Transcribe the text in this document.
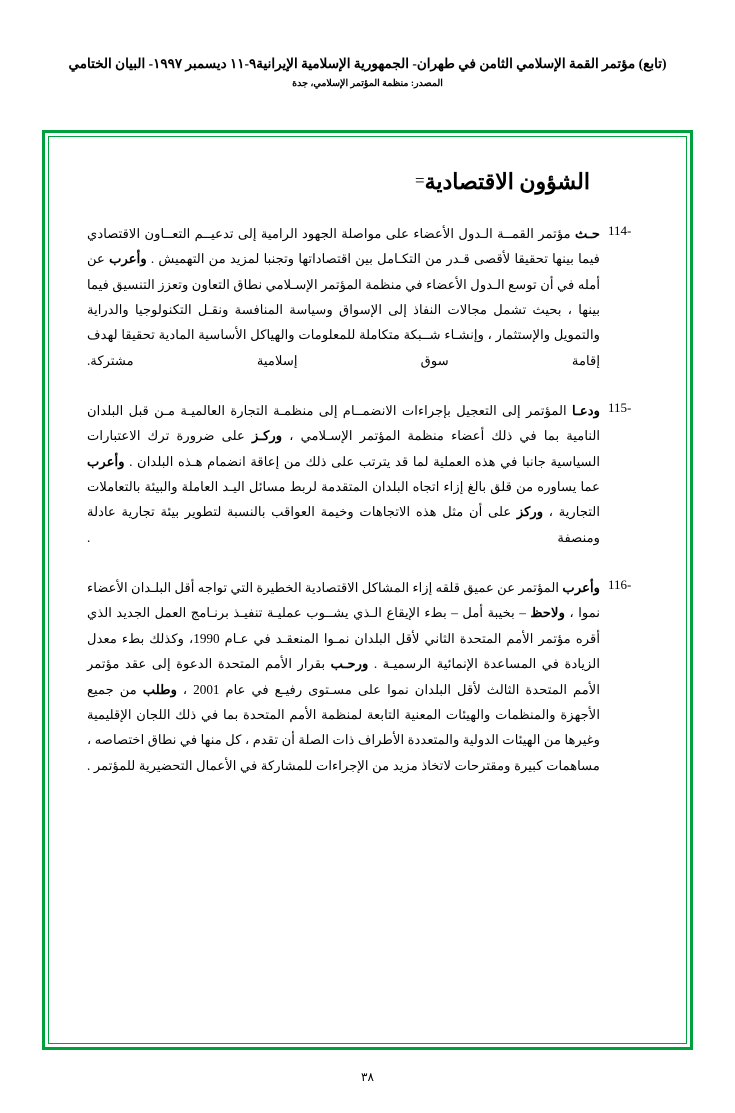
(تابع) مؤتمر القمة الإسلامي الثامن في طهران- الجمهورية الإسلامية الإيرانية٩-١١ ديسمبر ١٩٩٧- البيان الختامي
المصدر: منظمة المؤتمر الإسلامي، جدة
الشؤون الاقتصادية
=
-114
حـث مؤتمر القمــة الـدول الأعضاء على مواصلة الجهود الرامية إلى تدعيــم التعــاون الاقتصادي فيما بينها تحقيقا لأقصى قـدر من التكـامل بين اقتصاداتها وتجنبا لمزيد من التهميش . وأعرب عن أمله في أن توسع الـدول الأعضاء في منظمة المؤتمر الإسـلامي نطاق التعاون وتعزز التنسيق فيما بينها ، بحيث تشمل مجالات النفاذ إلى الإسواق وسياسة المنافسة ونقـل التكنولوجيا والدراية والتمويل والإستثمار ، وإنشـاء شــبكة متكاملة للمعلومات والهياكل الأساسية المادية تحقيقا لهدف إقامة سوق إسلامية مشتركة.
-115
ودعـا المؤتمر إلى التعجيل بإجراءات الانضمــام إلى منظمـة التجارة العالميـة مـن قبل البلدان النامية بما في ذلك أعضاء منظمة المؤتمر الإسـلامي ، وركـز على ضرورة ترك الاعتبارات السياسية جانبا في هذه العملية لما قد يترتب على ذلك من إعاقة انضمام هـذه البلدان . وأعرب عما يساوره من قلق بالغ إزاء اتجاه البلدان المتقدمة لربط مسائل اليـد العاملة والبيئة بالتعاملات التجارية ، وركز على أن مثل هذه الاتجاهات وخيمة العواقب بالنسبة لتطوير بيئة تجارية عادلة ومنصفة .
-116
وأعرب المؤتمر عن عميق قلقه إزاء المشاكل الاقتصادية الخطيرة التي تواجه أقل البلـدان الأعضاء نموا ، ولاحظ – بخيبة أمل – بطء الإيقاع الـذي يشــوب عمليـة تنفيـذ برنـامج العمل الجديد الذي أقره مؤتمر الأمم المتحدة الثاني لأقل البلدان نمـوا المنعقـد في عـام 1990، وكذلك بطء معدل الزيادة في المساعدة الإنمائية الرسميـة . ورحـب بقرار الأمم المتحدة الدعوة إلى عقد مؤتمر الأمم المتحدة الثالث لأقل البلدان نموا على مسـتوى رفيـع في عام 2001 ، وطلب من جميع الأجهزة والمنظمات والهيئات المعنية التابعة لمنظمة الأمم المتحدة بما في ذلك اللجان الإقليمية وغيرها من الهيئات الدولية والمتعددة الأطراف ذات الصلة أن تقدم ، كل منها في نطاق اختصاصه ، مساهمات كبيرة ومقترحات لاتخاذ مزيد من الإجراءات للمشاركة في الأعمال التحضيرية للمؤتمر .
٣٨
